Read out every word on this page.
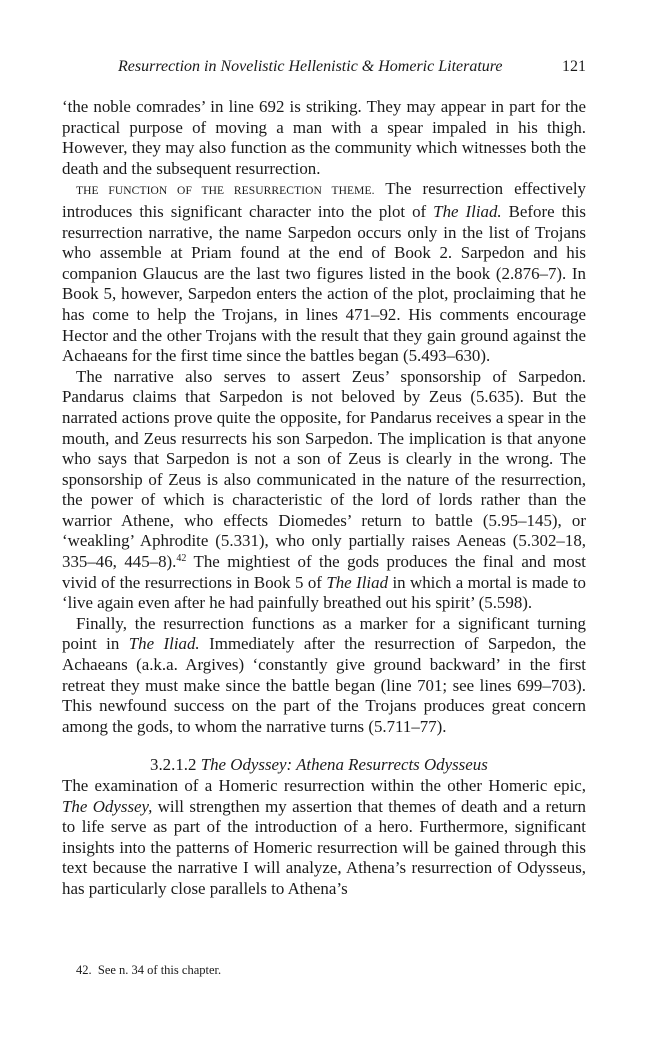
Resurrection in Novelistic Hellenistic & Homeric Literature	121

‘the noble comrades’ in line 692 is striking. They may appear in part for the practical purpose of moving a man with a spear impaled in his thigh. However, they may also function as the community which witnesses both the death and the subsequent resurrection.

THE FUNCTION OF THE RESURRECTION THEME. The resurrection effectively introduces this significant character into the plot of The Iliad. Before this resurrection narrative, the name Sarpedon occurs only in the list of Trojans who assemble at Priam found at the end of Book 2. Sarpedon and his companion Glaucus are the last two figures listed in the book (2.876–7). In Book 5, however, Sarpedon enters the action of the plot, proclaiming that he has come to help the Trojans, in lines 471–92. His comments encourage Hector and the other Trojans with the result that they gain ground against the Achaeans for the first time since the battles began (5.493–630).

The narrative also serves to assert Zeus’ sponsorship of Sarpedon. Pandarus claims that Sarpedon is not beloved by Zeus (5.635). But the narrated actions prove quite the opposite, for Pandarus receives a spear in the mouth, and Zeus resurrects his son Sarpedon. The implication is that anyone who says that Sarpedon is not a son of Zeus is clearly in the wrong. The sponsorship of Zeus is also communicated in the nature of the resurrection, the power of which is characteristic of the lord of lords rather than the warrior Athene, who effects Diomedes’ return to battle (5.95–145), or ‘weakling’ Aphrodite (5.331), who only partially raises Aeneas (5.302–18, 335–46, 445–8).$^{42}$ The mightiest of the gods produces the final and most vivid of the resurrections in Book 5 of The Iliad in which a mortal is made to ‘live again even after he had painfully breathed out his spirit’ (5.598).

Finally, the resurrection functions as a marker for a significant turning point in The Iliad. Immediately after the resurrection of Sarpedon, the Achaeans (a.k.a. Argives) ‘constantly give ground backward’ in the first retreat they must make since the battle began (line 701; see lines 699–703). This newfound success on the part of the Trojans produces great concern among the gods, to whom the narrative turns (5.711–77).

3.2.1.2 The Odyssey: Athena Resurrects Odysseus

The examination of a Homeric resurrection within the other Homeric epic, The Odyssey, will strengthen my assertion that themes of death and a return to life serve as part of the introduction of a hero. Furthermore, significant insights into the patterns of Homeric resurrection will be gained through this text because the narrative I will analyze, Athena’s resurrection of Odysseus, has particularly close parallels to Athena’s

42. See n. 34 of this chapter.
